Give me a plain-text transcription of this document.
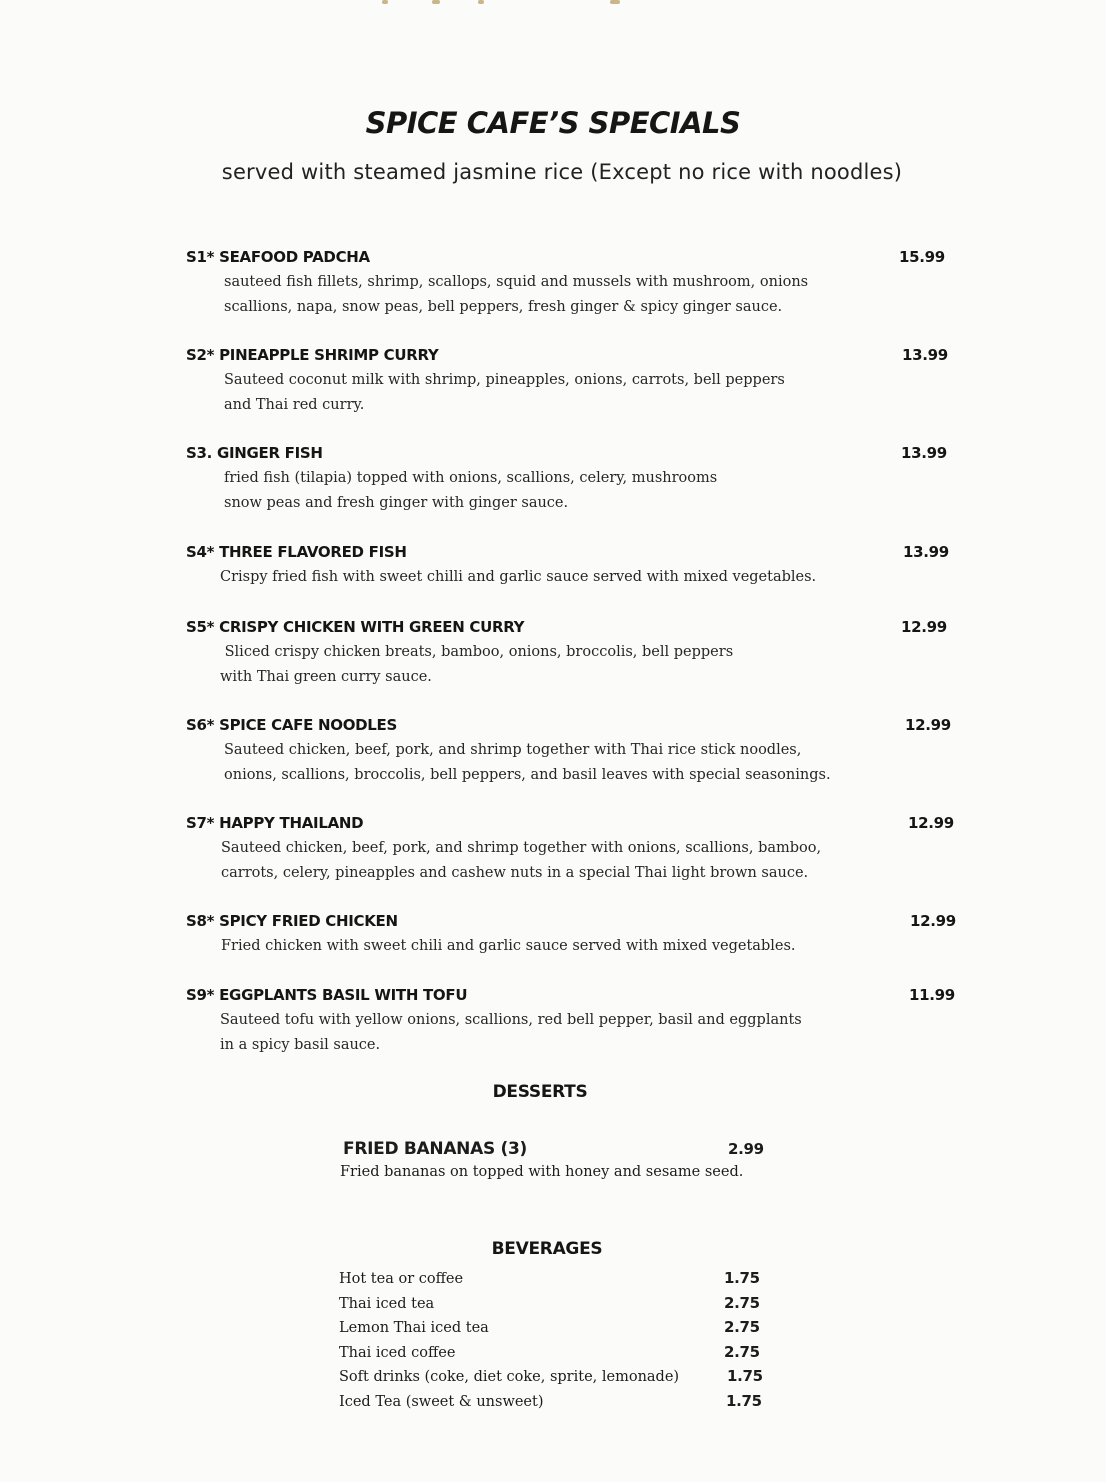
SPICE CAFE’S SPECIALS
served with steamed jasmine rice (Except no rice with noodles)
S1* SEAFOOD PADCHA	15.99
sauteed fish fillets, shrimp, scallops, squid and mussels with mushroom, onions
scallions, napa, snow peas, bell peppers, fresh ginger & spicy ginger sauce.
S2* PINEAPPLE SHRIMP CURRY	13.99
Sauteed coconut milk with shrimp, pineapples, onions, carrots, bell peppers
and Thai red curry.
S3. GINGER FISH	13.99
fried fish (tilapia) topped with onions, scallions, celery, mushrooms
snow peas and fresh ginger with ginger sauce.
S4* THREE FLAVORED FISH	13.99
Crispy fried fish with sweet chilli and garlic sauce served with mixed vegetables.
S5* CRISPY CHICKEN WITH GREEN CURRY	12.99
Sliced crispy chicken breats, bamboo, onions, broccolis, bell peppers
with Thai green curry sauce.
S6* SPICE CAFE NOODLES	12.99
Sauteed chicken, beef, pork, and shrimp together with Thai rice stick noodles,
onions, scallions, broccolis, bell peppers, and basil leaves with special seasonings.
S7* HAPPY THAILAND	12.99
Sauteed chicken, beef, pork, and shrimp together with onions, scallions, bamboo,
carrots, celery, pineapples and cashew nuts in a special Thai light brown sauce.
S8* SPICY FRIED CHICKEN	12.99
Fried chicken with sweet chili and garlic sauce served with mixed vegetables.
S9* EGGPLANTS BASIL WITH TOFU	11.99
Sauteed tofu with yellow onions, scallions, red bell pepper, basil and eggplants
in a spicy basil sauce.
DESSERTS
FRIED BANANAS (3)	2.99
Fried bananas on topped with honey and sesame seed.
BEVERAGES
Hot tea or coffee	1.75
Thai iced tea	2.75
Lemon Thai iced tea	2.75
Thai iced coffee	2.75
Soft drinks (coke, diet coke, sprite, lemonade)	1.75
Iced Tea (sweet & unsweet)	1.75
